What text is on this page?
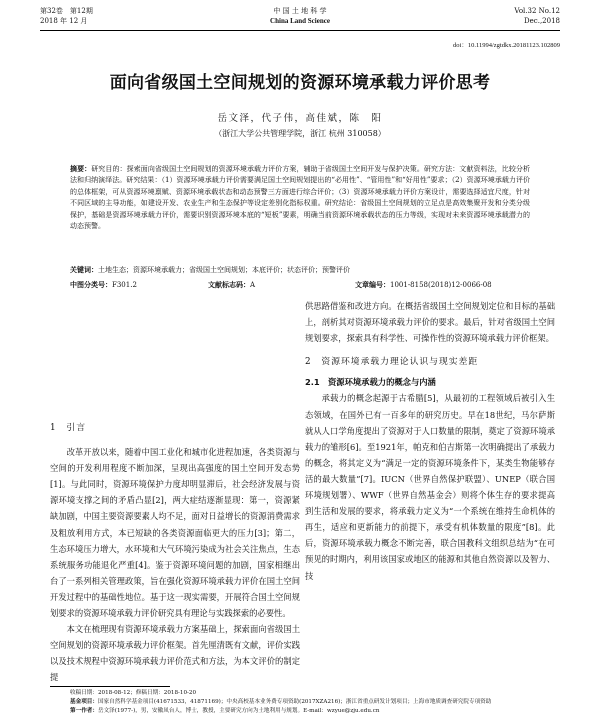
第32卷　第12期
2018 年 12 月
中 国 土 地 科 学
China Land Science
Vol.32 No.12
Dec.,2018
doi：10.11994/zgtdkx.20181123.102809
面向省级国土空间规划的资源环境承载力评价思考
岳文泽，代子伟，高佳斌，陈　阳
（浙江大学公共管理学院，浙江 杭州 310058）
摘要：研究目的：探索面向省级国土空间规划的资源环境承载力评价方案，辅助于省级国土空间开发与保护决策。研究方法：文献资料法，比较分析法和归纳演绎法。研究结果：（1）资源环境承载力评价需要满足国土空间规划提出的“必用性”、“管用性”和“好用性”要求；（2）资源环境承载力评价的总体框架，可从资源环境禀赋、资源环境承载状态和动态预警三方面进行综合评价；（3）资源环境承载力评价方案设计，需要选择适宜尺度，针对不同区域的主导功能，如建设开发、农业生产和生态保护等设定差别化指标权重。研究结论：省级国土空间规划的立足点是高效集聚开发和分类分级保护，基础是资源环境承载力评价，需要识别资源环境本底的“短板”要素，明确当前资源环境承载状态的压力等级，实现对未来资源环境承载潜力的动态预警。
关键词：土地生态；资源环境承载力；省级国土空间规划；本底评价；状态评价；预警评价
中图分类号：F301.2	文献标志码：A	文章编号：1001-8158(2018)12-0066-08

1　引言

改革开放以来，随着中国工业化和城市化进程加速，各类资源与空间的开发利用程度不断加深，呈现出高强度的国土空间开发态势[1]。与此同时，资源环境保护力度却明显滞后，社会经济发展与资源环境支撑之间的矛盾凸显[2]，两大症结逐渐显现：第一，资源紧缺加剧，中国主要资源要素人均不足，面对日益增长的资源消费需求及粗放利用方式，本已短缺的各类资源面临更大的压力[3]；第二，生态环境压力增大，水环境和大气环境污染成为社会关注焦点，生态系统服务功能退化严重[4]。鉴于资源环境问题的加剧，国家相继出台了一系列相关管理政策，旨在强化资源环境承载力评价在国土空间开发过程中的基础性地位。基于这一现实需要，开展符合国土空间规划要求的资源环境承载力评价研究具有理论与实践探索的必要性。

本文在梳理现有资源环境承载力方案基础上，探索面向省级国土空间规划的资源环境承载力评价框架。首先厘清既有文献，评价实践以及技术规程中资源环境承载力评价范式和方法，为本文评价的制定提

供思路借鉴和改进方向。在概括省级国土空间规划定位和目标的基础上，剖析其对资源环境承载力评价的要求。最后，针对省级国土空间规划要求，探索具有科学性、可操作性的资源环境承载力评价框架。

2　资源环境承载力理论认识与现实差距

2.1　资源环境承载力的概念与内涵

承载力的概念起源于古希腊[5]，从最初的工程领域后被引入生态领域，在国外已有一百多年的研究历史。早在18世纪，马尔萨斯就从人口学角度提出了资源对于人口数量的限制，奠定了资源环境承载力的雏形[6]。至1921年，帕克和伯吉斯第一次明确提出了承载力的概念，将其定义为“满足一定的资源环境条件下，某类生物能够存活的最大数量”[7]。IUCN（世界自然保护联盟）、UNEP（联合国环境规划署）、WWF（世界自然基金会）则将个体生存的要求提高到生活和发展的要求，将承载力定义为“一个系统在维持生命机体的再生，适应和更新能力的前提下，承受有机体数量的限度”[8]。此后，资源环境承载力概念不断完善，联合国教科文组织总结为“在可预见的时期内，利用该国家或地区的能源和其他自然资源以及智力、技

收稿日期：2018-08-12；修稿日期：2018-10-20
基金项目：国家自然科学基金项目(41671533，41871169)；中央高校基本业务费专项资助(2017XZA216)；浙江省重点研发计划项目；上海市地质调查研究院专项资助
第一作者：岳文泽(1977-)，男，安徽凤台人，博士，教授，主要研究方向为土地利用与规划。E-mail：wzyue@zju.edu.cn
